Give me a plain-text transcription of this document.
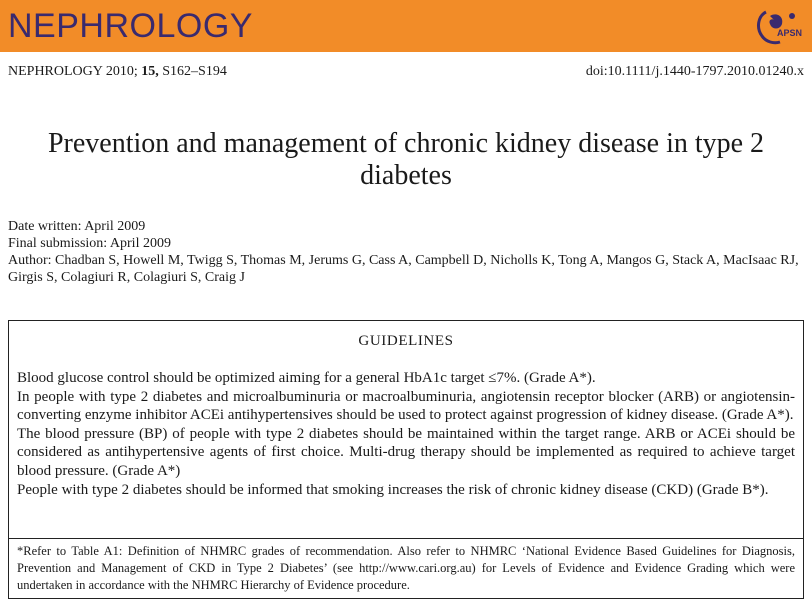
NEPHROLOGY	APSN
NEPHROLOGY 2010; 15, S162–S194	doi:10.1111/j.1440-1797.2010.01240.x
Prevention and management of chronic kidney disease in type 2 diabetes
Date written: April 2009
Final submission: April 2009
Author: Chadban S, Howell M, Twigg S, Thomas M, Jerums G, Cass A, Campbell D, Nicholls K, Tong A, Mangos G, Stack A, MacIsaac RJ, Girgis S, Colagiuri R, Colagiuri S, Craig J
GUIDELINES

Blood glucose control should be optimized aiming for a general HbA1c target ≤7%. (Grade A*).

In people with type 2 diabetes and microalbuminuria or macroalbuminuria, angiotensin receptor blocker (ARB) or angiotensin-converting enzyme inhibitor ACEi antihypertensives should be used to protect against progression of kidney disease. (Grade A*).

The blood pressure (BP) of people with type 2 diabetes should be maintained within the target range. ARB or ACEi should be considered as antihypertensive agents of first choice. Multi-drug therapy should be implemented as required to achieve target blood pressure. (Grade A*)

People with type 2 diabetes should be informed that smoking increases the risk of chronic kidney disease (CKD) (Grade B*).

*Refer to Table A1: Definition of NHMRC grades of recommendation. Also refer to NHMRC ‘National Evidence Based Guidelines for Diagnosis, Prevention and Management of CKD in Type 2 Diabetes’ (see http://www.cari.org.au) for Levels of Evidence and Evidence Grading which were undertaken in accordance with the NHMRC Hierarchy of Evidence procedure.
